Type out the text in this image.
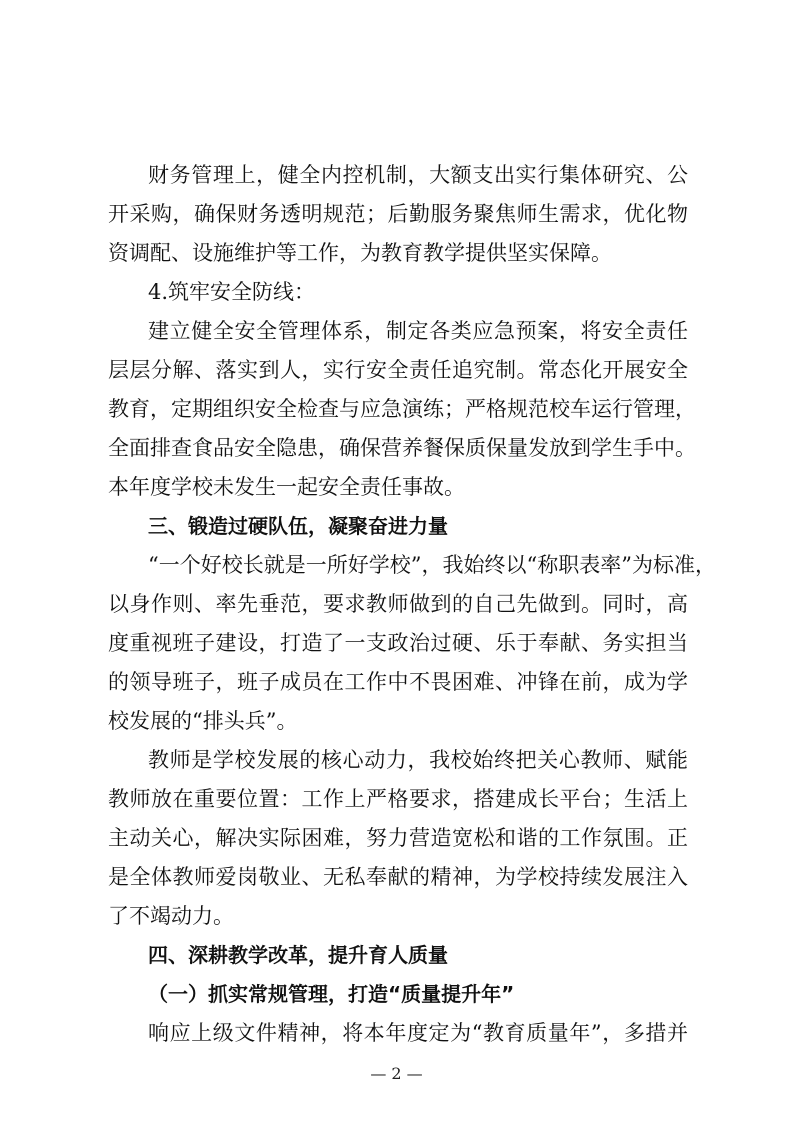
财务管理上，健全内控机制，大额支出实行集体研究、公
开采购，确保财务透明规范；后勤服务聚焦师生需求，优化物
资调配、设施维护等工作，为教育教学提供坚实保障。
4.筑牢安全防线：
建立健全安全管理体系，制定各类应急预案，将安全责任
层层分解、落实到人，实行安全责任追究制。常态化开展安全
教育，定期组织安全检查与应急演练；严格规范校车运行管理，
全面排查食品安全隐患，确保营养餐保质保量发放到学生手中。
本年度学校未发生一起安全责任事故。
三、锻造过硬队伍，凝聚奋进力量
“一个好校长就是一所好学校”，我始终以“称职表率”为标准，
以身作则、率先垂范，要求教师做到的自己先做到。同时，高
度重视班子建设，打造了一支政治过硬、乐于奉献、务实担当
的领导班子，班子成员在工作中不畏困难、冲锋在前，成为学
校发展的“排头兵”。
教师是学校发展的核心动力，我校始终把关心教师、赋能
教师放在重要位置：工作上严格要求，搭建成长平台；生活上
主动关心，解决实际困难，努力营造宽松和谐的工作氛围。正
是全体教师爱岗敬业、无私奉献的精神，为学校持续发展注入
了不竭动力。
四、深耕教学改革，提升育人质量
（一）抓实常规管理，打造“质量提升年”
响应上级文件精神，将本年度定为“教育质量年”，多措并
— 2 —
